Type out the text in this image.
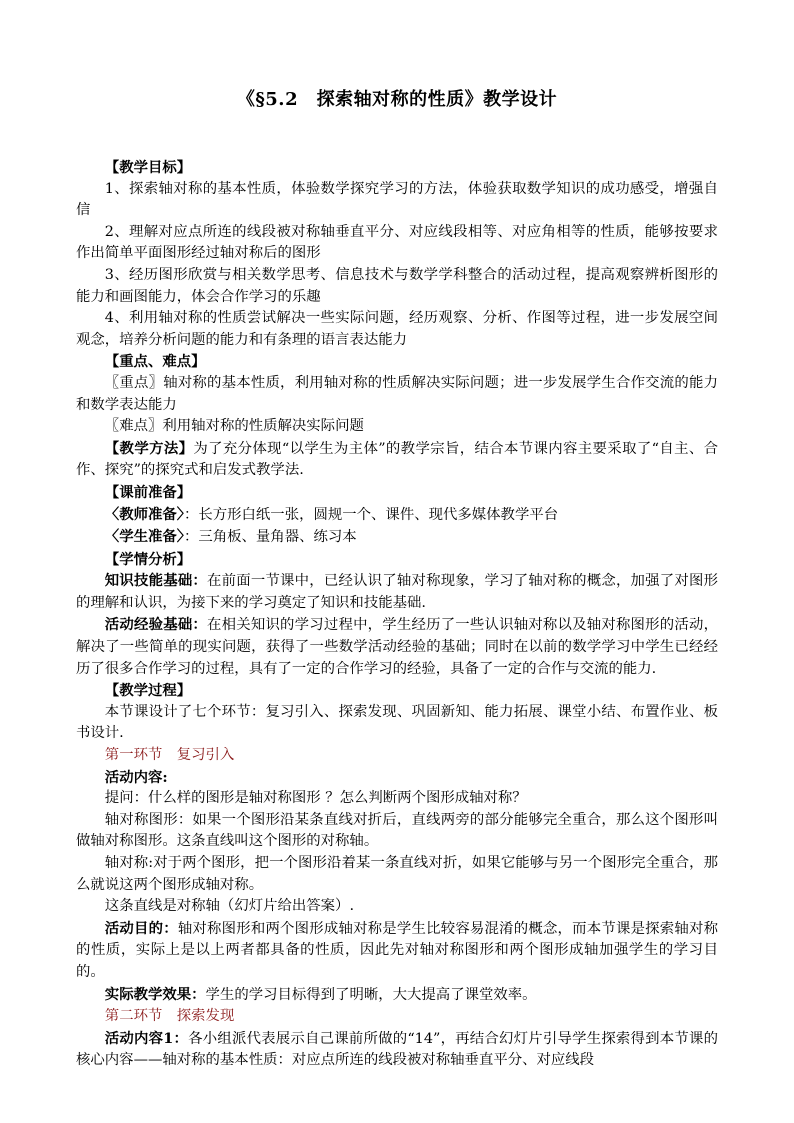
《§5.2　探索轴对称的性质》教学设计
【教学目标】

1、探索轴对称的基本性质，体验数学探究学习的方法，体验获取数学知识的成功感受，增强自信

2、理解对应点所连的线段被对称轴垂直平分、对应线段相等、对应角相等的性质，能够按要求作出简单平面图形经过轴对称后的图形

3、经历图形欣赏与相关数学思考、信息技术与数学学科整合的活动过程，提高观察辨析图形的能力和画图能力，体会合作学习的乐趣

4、利用轴对称的性质尝试解决一些实际问题，经历观察、分析、作图等过程，进一步发展空间观念，培养分析问题的能力和有条理的语言表达能力

【重点、难点】

〖重点〗轴对称的基本性质，利用轴对称的性质解决实际问题；进一步发展学生合作交流的能力和数学表达能力

〖难点〗利用轴对称的性质解决实际问题

【教学方法】为了充分体现“以学生为主体”的教学宗旨，结合本节课内容主要采取了“自主、合作、探究”的探究式和启发式教学法.

【课前准备】

〈教师准备〉：长方形白纸一张，圆规一个、课件、现代多媒体教学平台

〈学生准备〉：三角板、量角器、练习本

【学情分析】

知识技能基础：在前面一节课中，已经认识了轴对称现象，学习了轴对称的概念，加强了对图形的理解和认识，为接下来的学习奠定了知识和技能基础.

活动经验基础：在相关知识的学习过程中，学生经历了一些认识轴对称以及轴对称图形的活动，解决了一些简单的现实问题，获得了一些数学活动经验的基础；同时在以前的数学学习中学生已经经历了很多合作学习的过程，具有了一定的合作学习的经验，具备了一定的合作与交流的能力.

【教学过程】

本节课设计了七个环节：复习引入、探索发现、巩固新知、能力拓展、课堂小结、布置作业、板书设计.

第一环节 复习引入
活动内容:

提问：什么样的图形是轴对称图形 ？怎么判断两个图形成轴对称？

轴对称图形：如果一个图形沿某条直线对折后，直线两旁的部分能够完全重合，那么这个图形叫做轴对称图形。这条直线叫这个图形的对称轴。

轴对称:对于两个图形，把一个图形沿着某一条直线对折，如果它能够与另一个图形完全重合，那么就说这两个图形成轴对称。

这条直线是对称轴（幻灯片给出答案）.

活动目的：轴对称图形和两个图形成轴对称是学生比较容易混淆的概念，而本节课是探索轴对称的性质，实际上是以上两者都具备的性质，因此先对轴对称图形和两个图形成轴加强学生的学习目的。

实际教学效果：学生的学习目标得到了明晰，大大提高了课堂效率。

第二环节 探索发现

活动内容1：各小组派代表展示自己课前所做的“14”，再结合幻灯片引导学生探索得到本节课的核心内容——轴对称的基本性质：对应点所连的线段被对称轴垂直平分、对应线段
